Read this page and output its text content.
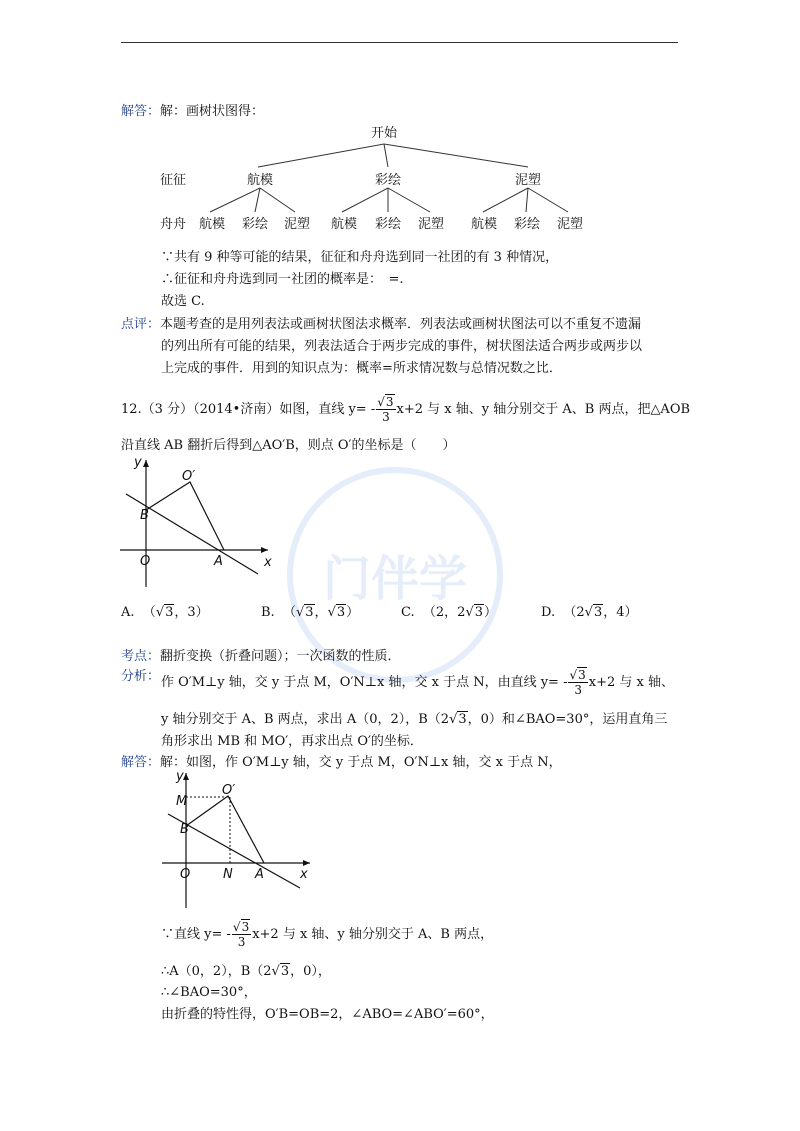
门伴学
解答：解：画树状图得：
开始
征征	航模	彩绘	泥塑
舟舟 航模 彩绘 泥塑 航模 彩绘 泥塑 航模 彩绘 泥塑
∵共有 9 种等可能的结果，征征和舟舟选到同一社团的有 3 种情况，
∴征征和舟舟选到同一社团的概率是：　=.
故选 C.
点评：本题考查的是用列表法或画树状图法求概率．列表法或画树状图法可以不重复不遗漏
的列出所有可能的结果，列表法适合于两步完成的事件，树状图法适合两步或两步以
上完成的事件．用到的知识点为：概率=所求情况数与总情况数之比．
12.（3 分）（2014•济南）如图，直线 $y= - \frac{√3}{3} x+2$ 与 x 轴、y 轴分别交于 A、B 两点，把△AOB
沿直线 AB 翻折后得到△AO′B，则点 O′的坐标是（　　）
y
x
O	A
B
O′
A. （√3，3）	B. （√3，√3）	C. （2，2√3）	D. （2√3，4）
考点：翻折变换（折叠问题）；一次函数的性质．
分析： 作 O′M⊥y 轴，交 y 于点 M，O′N⊥x 轴，交 x 于点 N，由直线 $y= - \frac{√3}{3} x+2$ 与 x 轴、
y 轴分别交于 A、B 两点，求出 A（0，2），B（2√3，0）和∠BAO=30°，运用直角三
角形求出 MB 和 MO′，再求出点 O′的坐标．
解答：解：如图，作 O′M⊥y 轴，交 y 于点 M，O′N⊥x 轴，交 x 于点 N，
y
x
O	N A
M
B
O′
∵直线 $y= - \frac{√3}{3} x+2$ 与 x 轴、y 轴分别交于 A、B 两点，
∴A（0，2），B（2√3，0），
∴∠BAO=30°，
由折叠的特性得，O′B=OB=2，∠ABO=∠ABO′=60°，
